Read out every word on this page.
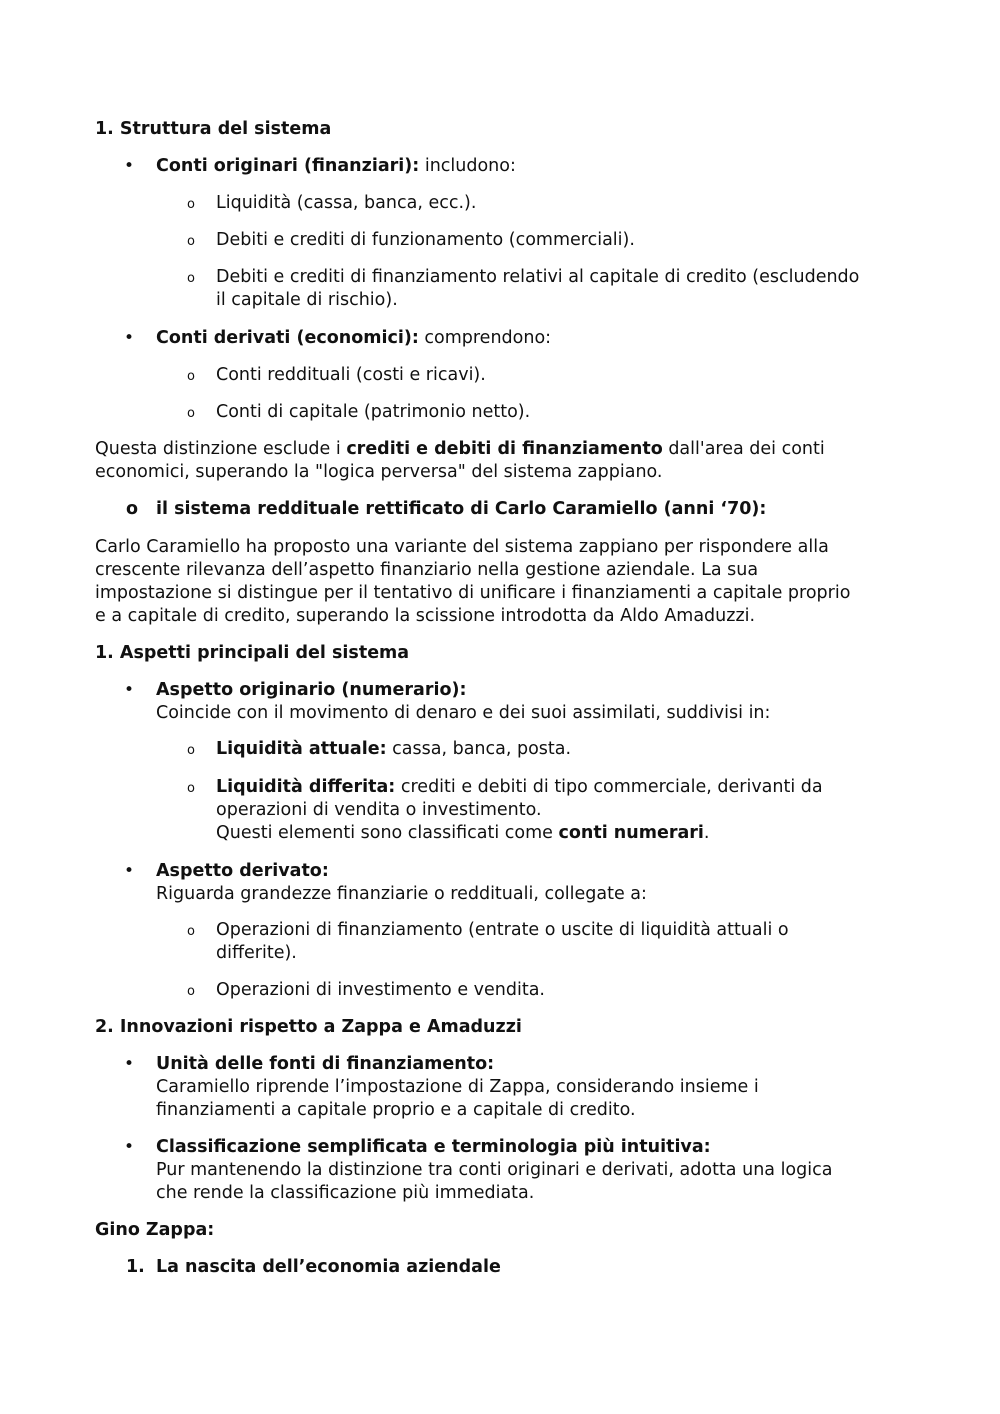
1. Struttura del sistema
• Conti originari (finanziari): includono:
o Liquidità (cassa, banca, ecc.).
o Debiti e crediti di funzionamento (commerciali).
o Debiti e crediti di finanziamento relativi al capitale di credito (escludendo
il capitale di rischio).
• Conti derivati (economici): comprendono:
o Conti reddituali (costi e ricavi).
o Conti di capitale (patrimonio netto).
Questa distinzione esclude i crediti e debiti di finanziamento dall'area dei conti
economici, superando la "logica perversa" del sistema zappiano.
o il sistema reddituale rettificato di Carlo Caramiello (anni ‘70):
Carlo Caramiello ha proposto una variante del sistema zappiano per rispondere alla
crescente rilevanza dell’aspetto finanziario nella gestione aziendale. La sua
impostazione si distingue per il tentativo di unificare i finanziamenti a capitale proprio
e a capitale di credito, superando la scissione introdotta da Aldo Amaduzzi.
1. Aspetti principali del sistema
• Aspetto originario (numerario):
Coincide con il movimento di denaro e dei suoi assimilati, suddivisi in:
o Liquidità attuale: cassa, banca, posta.
o Liquidità differita: crediti e debiti di tipo commerciale, derivanti da
operazioni di vendita o investimento.
Questi elementi sono classificati come conti numerari.
• Aspetto derivato:
Riguarda grandezze finanziarie o reddituali, collegate a:
o Operazioni di finanziamento (entrate o uscite di liquidità attuali o
differite).
o Operazioni di investimento e vendita.
2. Innovazioni rispetto a Zappa e Amaduzzi
• Unità delle fonti di finanziamento:
Caramiello riprende l’impostazione di Zappa, considerando insieme i
finanziamenti a capitale proprio e a capitale di credito.
• Classificazione semplificata e terminologia più intuitiva:
Pur mantenendo la distinzione tra conti originari e derivati, adotta una logica
che rende la classificazione più immediata.
Gino Zappa:
1. La nascita dell’economia aziendale
